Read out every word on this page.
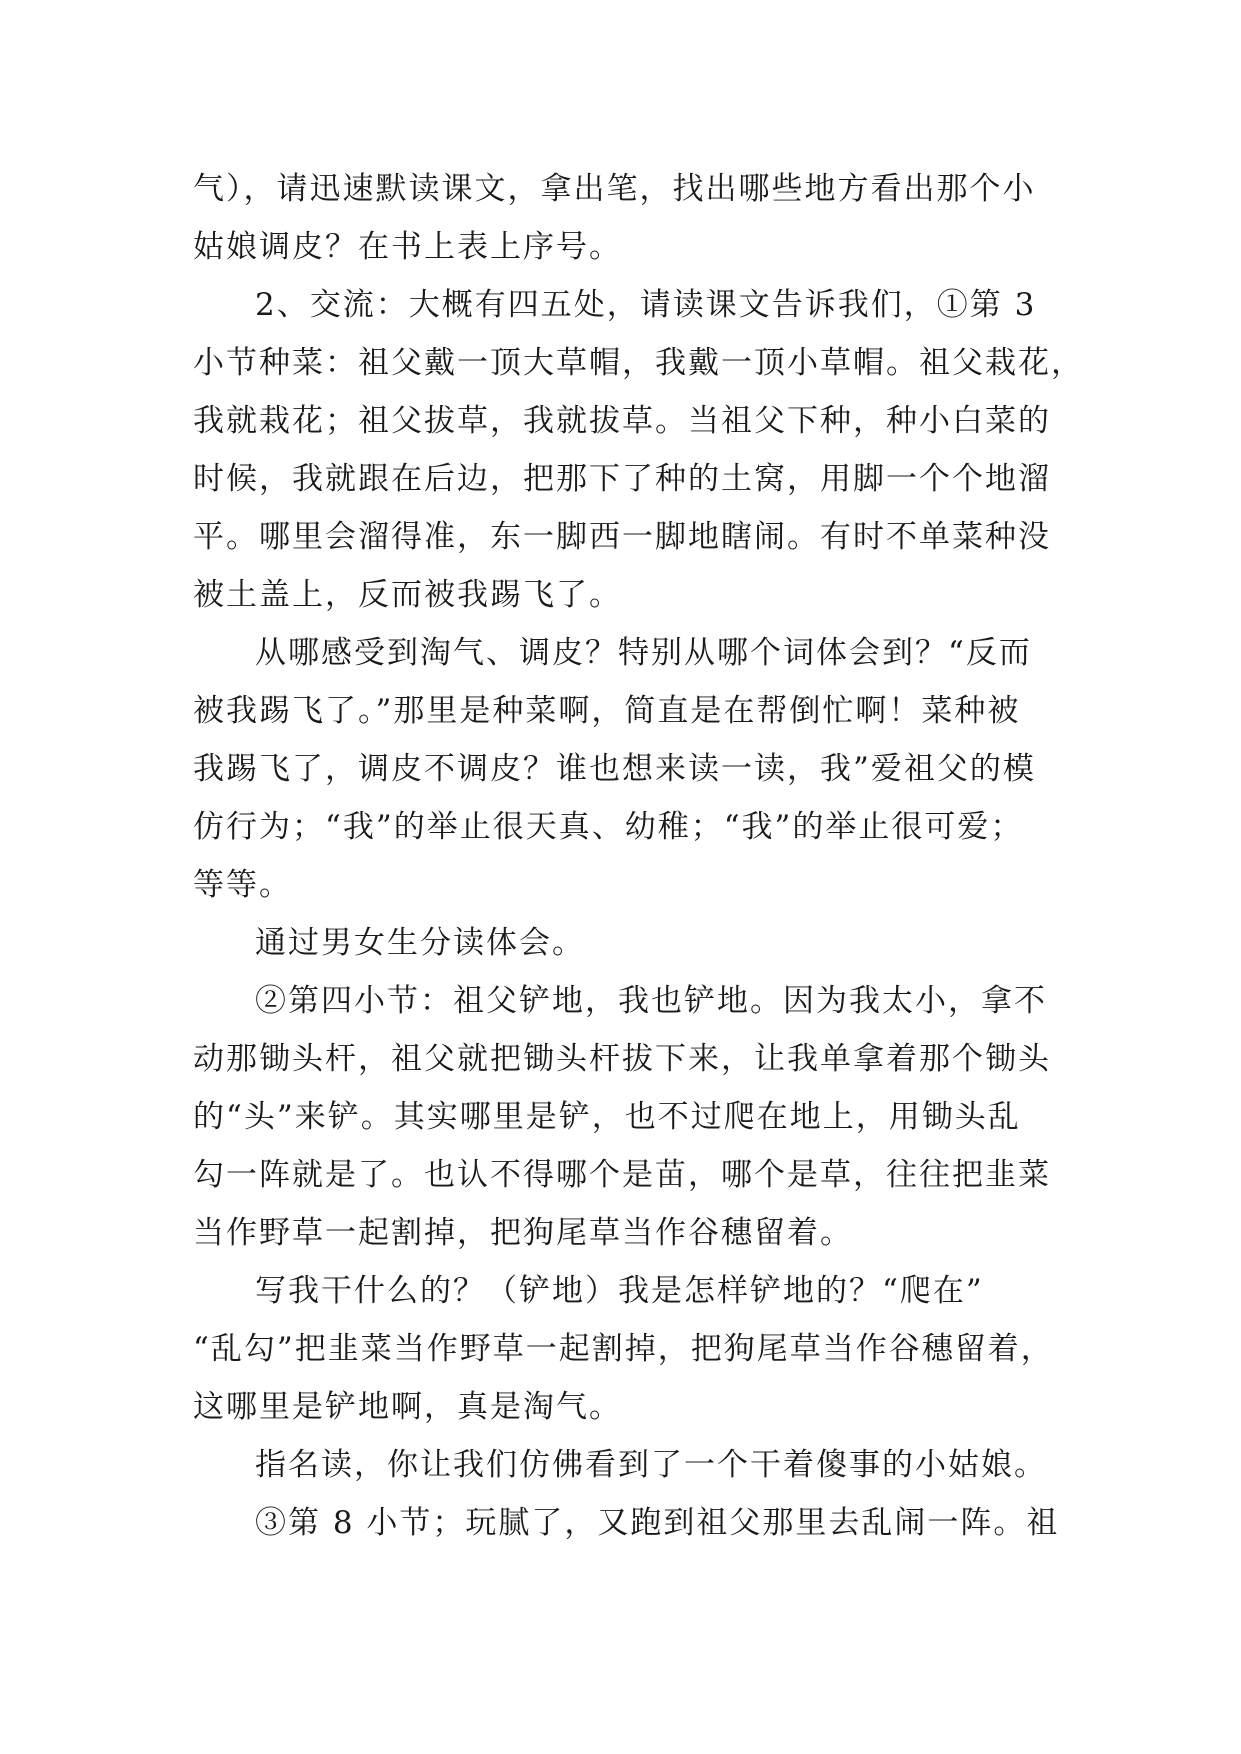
气），请迅速默读课文，拿出笔，找出哪些地方看出那个小
姑娘调皮？在书上表上序号。
2、交流：大概有四五处，请读课文告诉我们，①第 3
小节种菜：祖父戴一顶大草帽，我戴一顶小草帽。祖父栽花，
我就栽花；祖父拔草，我就拔草。当祖父下种，种小白菜的
时候，我就跟在后边，把那下了种的土窝，用脚一个个地溜
平。哪里会溜得准，东一脚西一脚地瞎闹。有时不单菜种没
被土盖上，反而被我踢飞了。
从哪感受到淘气、调皮？特别从哪个词体会到？“反而
被我踢飞了。”那里是种菜啊，简直是在帮倒忙啊！菜种被
我踢飞了，调皮不调皮？谁也想来读一读，我”爱祖父的模
仿行为；“我”的举止很天真、幼稚；“我”的举止很可爱；
等等。
通过男女生分读体会。
②第四小节：祖父铲地，我也铲地。因为我太小，拿不
动那锄头杆，祖父就把锄头杆拔下来，让我单拿着那个锄头
的“头”来铲。其实哪里是铲，也不过爬在地上，用锄头乱
勾一阵就是了。也认不得哪个是苗，哪个是草，往往把韭菜
当作野草一起割掉，把狗尾草当作谷穗留着。
写我干什么的？（铲地）我是怎样铲地的？“爬在”
“乱勾”把韭菜当作野草一起割掉，把狗尾草当作谷穗留着，
这哪里是铲地啊，真是淘气。
指名读，你让我们仿佛看到了一个干着傻事的小姑娘。
③第 8 小节；玩腻了，又跑到祖父那里去乱闹一阵。祖
